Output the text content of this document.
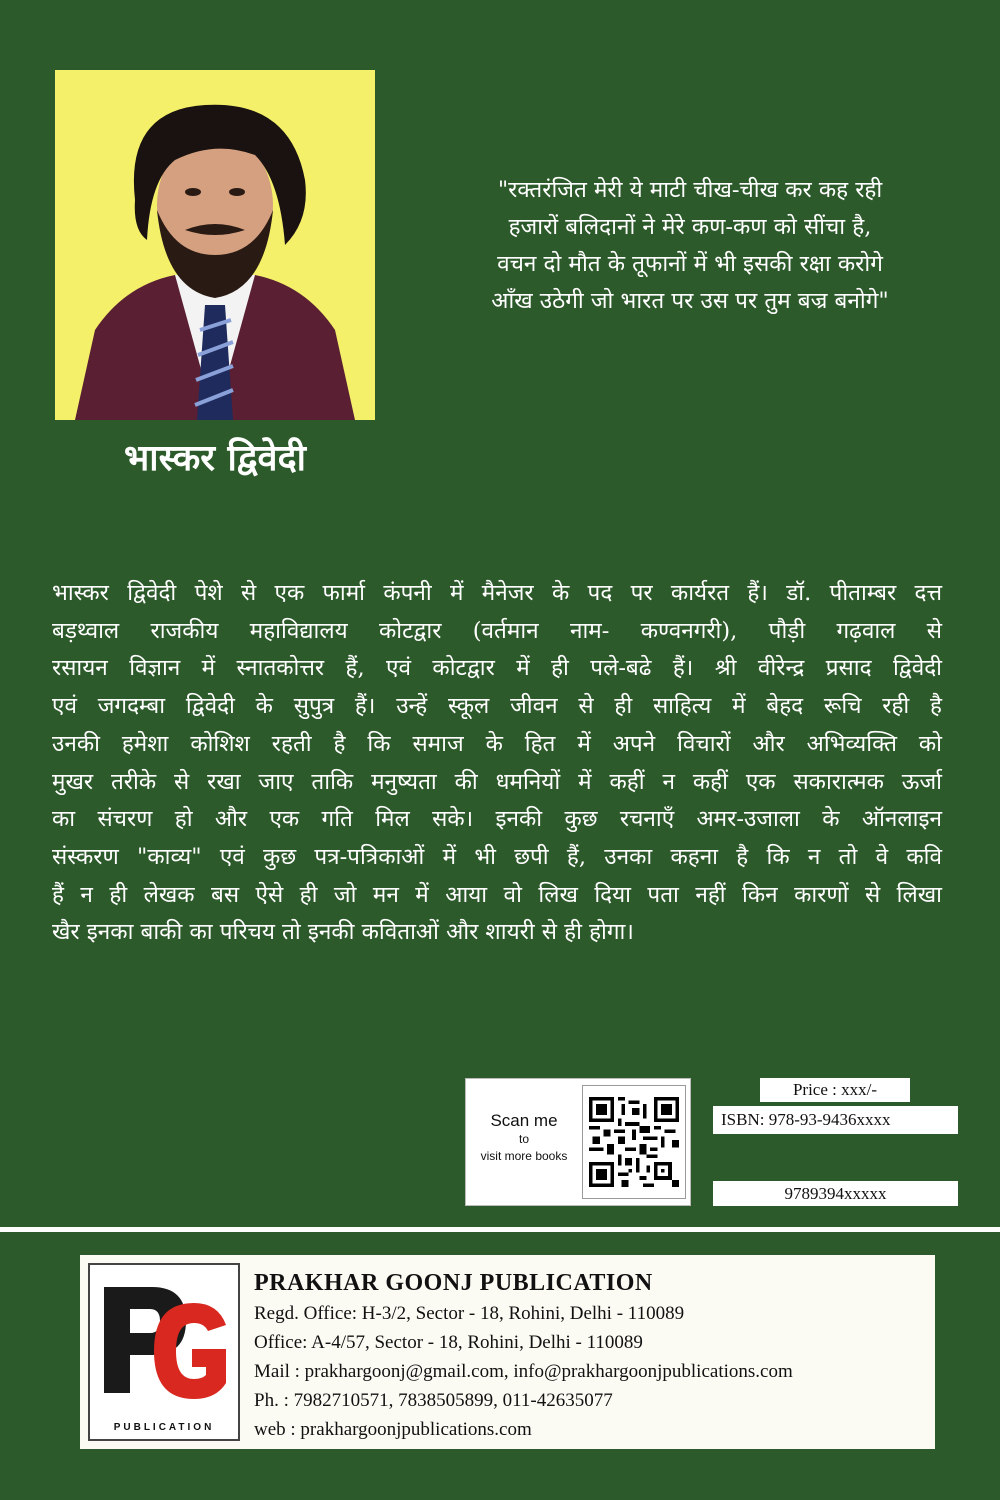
भास्कर द्विवेदी
"रक्तरंजित मेरी ये माटी चीख-चीख कर कह रही
हजारों बलिदानों ने मेरे कण-कण को सींचा है,
वचन दो मौत के तूफानों में भी इसकी रक्षा करोगे
आँख उठेगी जो भारत पर उस पर तुम बज्र बनोगे"
भास्कर द्विवेदी पेशे से एक फार्मा कंपनी में मैनेजर के पद पर कार्यरत हैं। डॉ. पीताम्बर दत्त
बड़थ्वाल राजकीय महाविद्यालय कोटद्वार (वर्तमान नाम- कण्वनगरी), पौड़ी गढ़वाल से
रसायन विज्ञान में स्नातकोत्तर हैं, एवं कोटद्वार में ही पले-बढे हैं। श्री वीरेन्द्र प्रसाद द्विवेदी
एवं जगदम्बा द्विवेदी के सुपुत्र हैं। उन्हें स्कूल जीवन से ही साहित्य में बेहद रूचि रही है
उनकी हमेशा कोशिश रहती है कि समाज के हित में अपने विचारों और अभिव्यक्ति को
मुखर तरीके से रखा जाए ताकि मनुष्यता की धमनियों में कहीं न कहीं एक सकारात्मक ऊर्जा
का संचरण हो और एक गति मिल सके। इनकी कुछ रचनाएँ अमर-उजाला के ऑनलाइन
संस्करण "काव्य" एवं कुछ पत्र-पत्रिकाओं में भी छपी हैं, उनका कहना है कि न तो वे कवि
हैं न ही लेखक बस ऐसे ही जो मन में आया वो लिख दिया पता नहीं किन कारणों से लिखा
खैर इनका बाकी का परिचय तो इनकी कविताओं और शायरी से ही होगा।
Scan me
to
visit more books
Price : xxx/-
ISBN: 978-93-9436xxxx
9789394xxxxx
PUBLICATION
PRAKHAR GOONJ PUBLICATION
Regd. Office: H-3/2, Sector - 18, Rohini, Delhi - 110089
Office: A-4/57, Sector - 18, Rohini, Delhi - 110089
Mail : prakhargoonj@gmail.com, info@prakhargoonjpublications.com
Ph. : 7982710571, 7838505899, 011-42635077
web : prakhargoonjpublications.com
